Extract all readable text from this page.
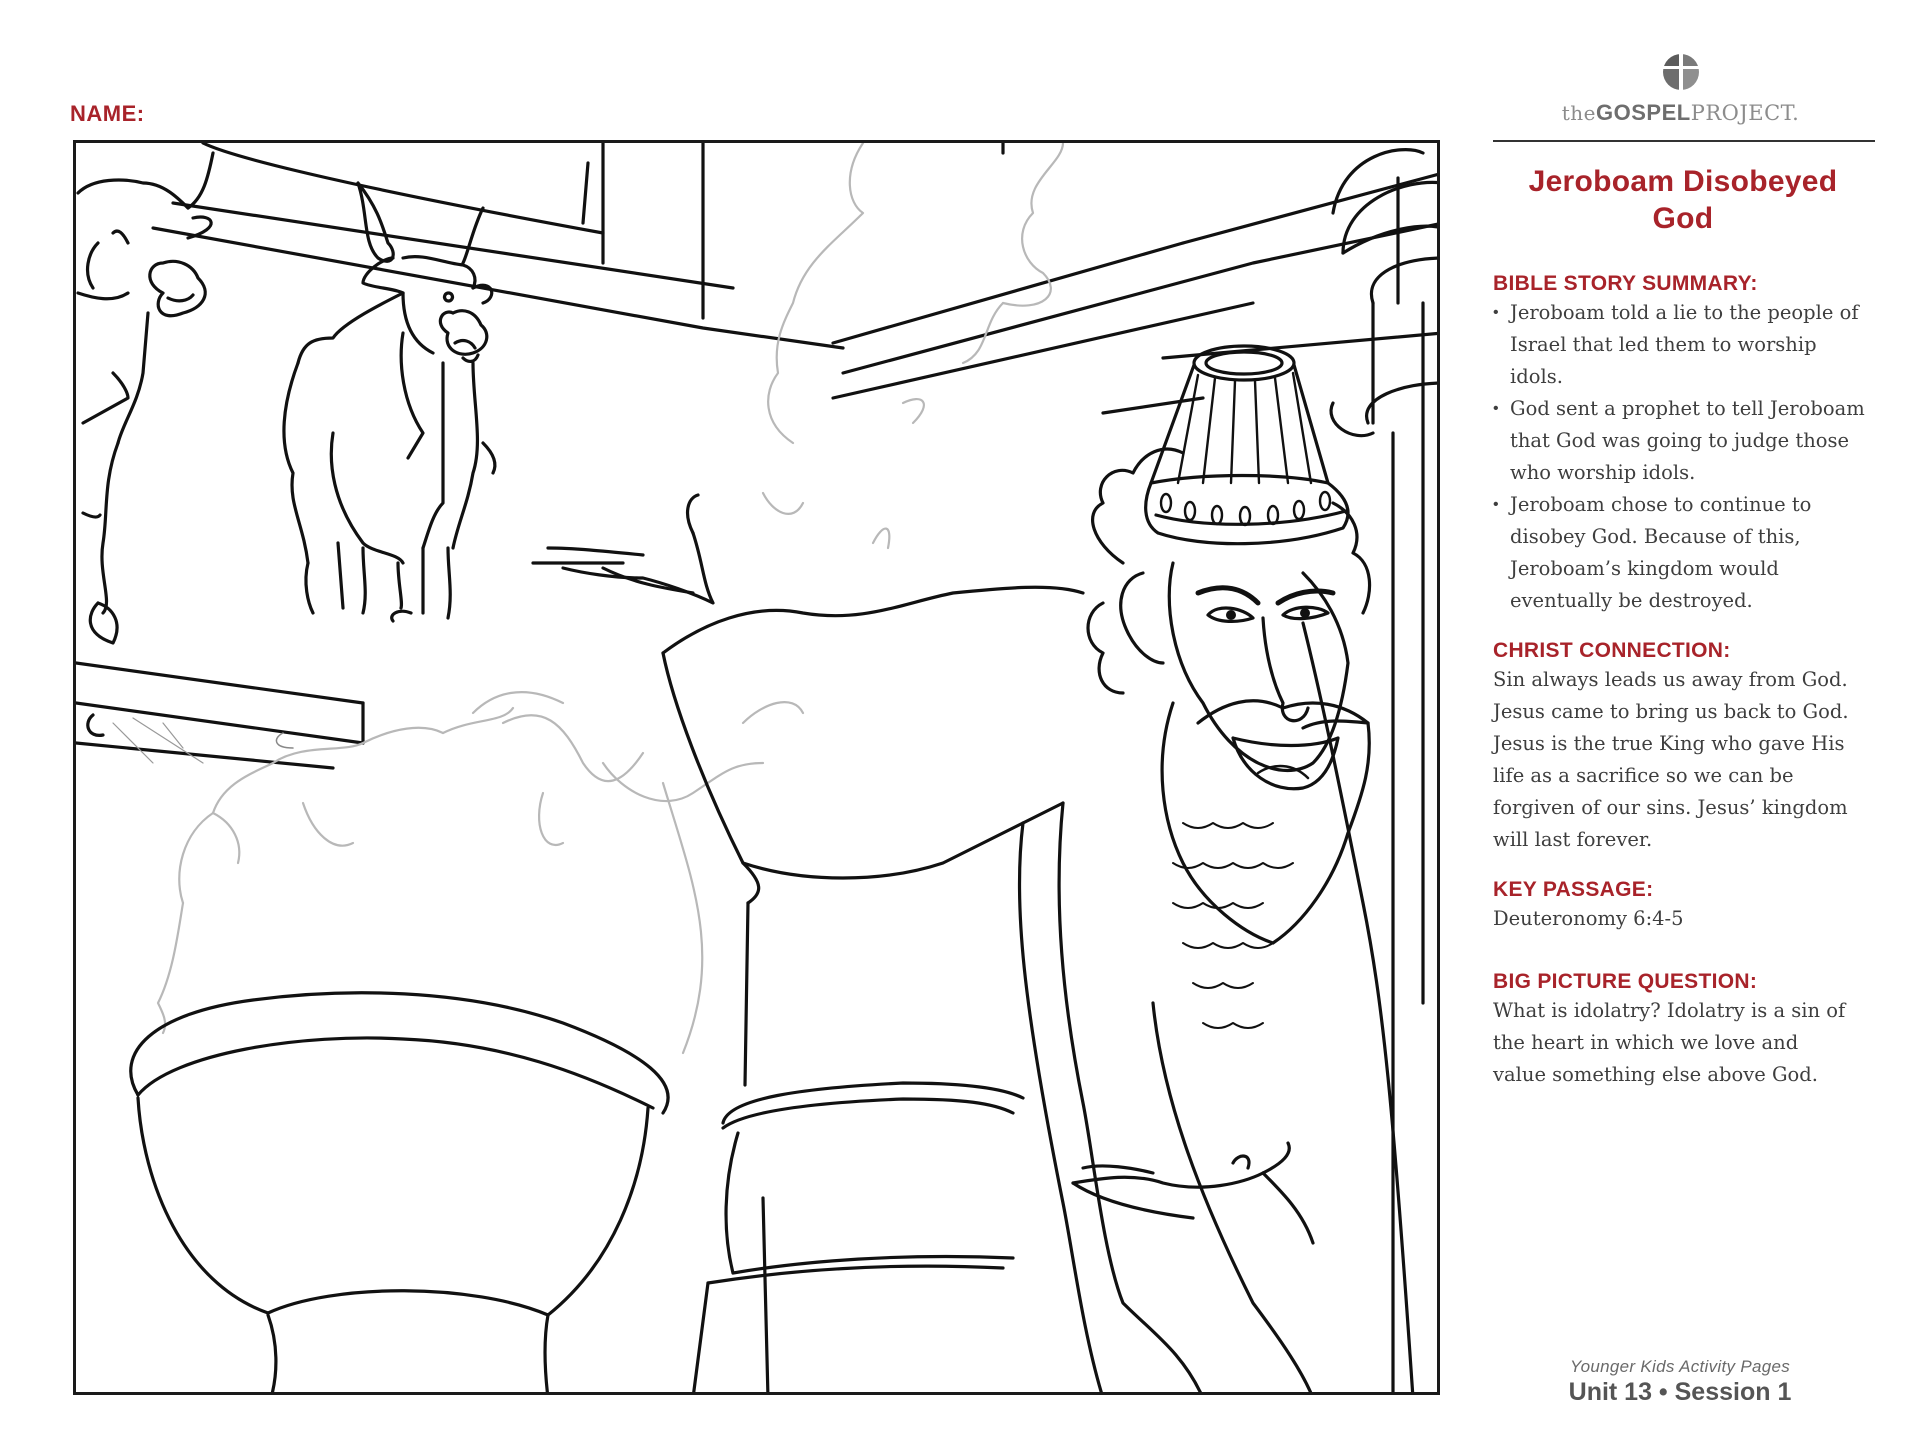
NAME:	theGOSPELPROJECT.
Jeroboam Disobeyed
God
BIBLE STORY SUMMARY:
• Jeroboam told a lie to the people of Israel that led them to worship idols.
• God sent a prophet to tell Jeroboam that God was going to judge those who worship idols.
• Jeroboam chose to continue to disobey God. Because of this, Jeroboam’s kingdom would eventually be destroyed.
CHRIST CONNECTION:
Sin always leads us away from God. Jesus came to bring us back to God. Jesus is the true King who gave His life as a sacrifice so we can be forgiven of our sins. Jesus’ kingdom will last forever.
KEY PASSAGE:
Deuteronomy 6:4-5
BIG PICTURE QUESTION:
What is idolatry? Idolatry is a sin of the heart in which we love and value something else above God.
Younger Kids Activity Pages
Unit 13 • Session 1
